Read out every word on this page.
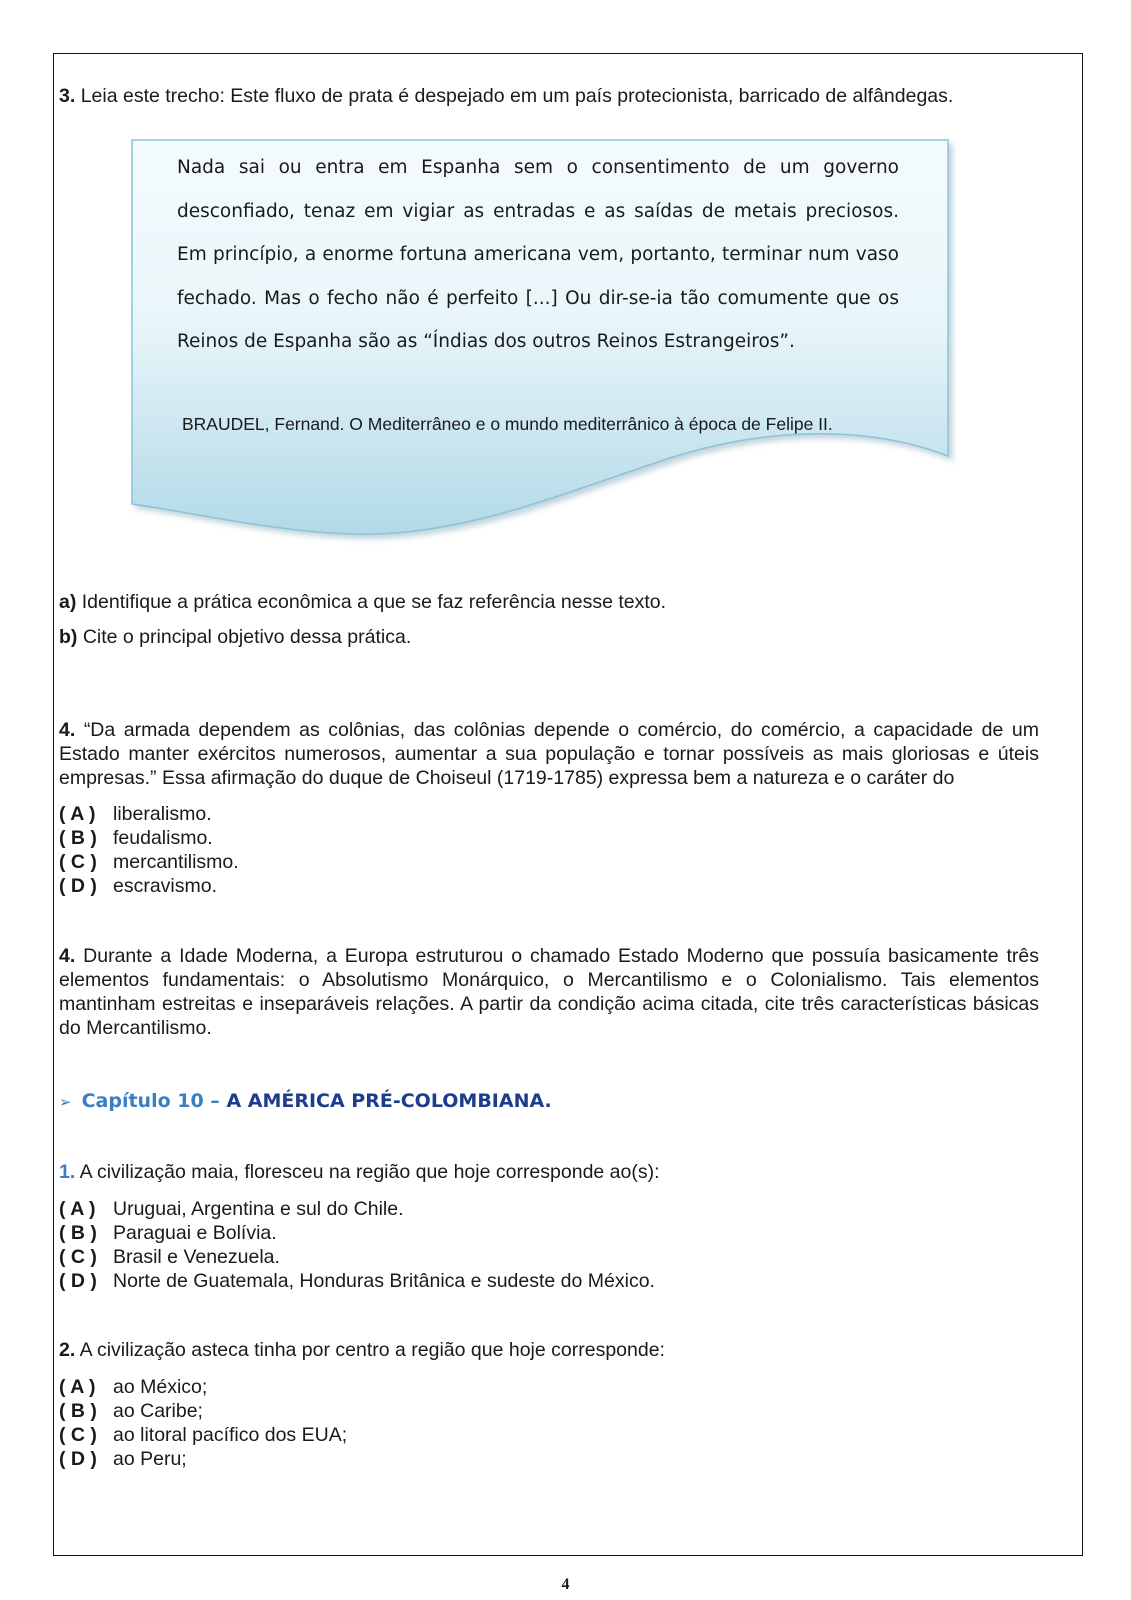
3. Leia este trecho: Este fluxo de prata é despejado em um país protecionista, barricado de alfândegas.
Nada sai ou entra em Espanha sem o consentimento de um governo desconfiado, tenaz em vigiar as entradas e as saídas de metais preciosos. Em princípio, a enorme fortuna americana vem, portanto, terminar num vaso fechado. Mas o fecho não é perfeito [...] Ou dir-se-ia tão comumente que os Reinos de Espanha são as “Índias dos outros Reinos Estrangeiros”.
BRAUDEL, Fernand. O Mediterrâneo e o mundo mediterrânico à época de Felipe II.
a) Identifique a prática econômica a que se faz referência nesse texto.
b) Cite o principal objetivo dessa prática.
4. “Da armada dependem as colônias, das colônias depende o comércio, do comércio, a capacidade de um Estado manter exércitos numerosos, aumentar a sua população e tornar possíveis as mais gloriosas e úteis empresas.” Essa afirmação do duque de Choiseul (1719-1785) expressa bem a natureza e o caráter do
( A ) liberalismo.
( B ) feudalismo.
( C ) mercantilismo.
( D ) escravismo.
4. Durante a Idade Moderna, a Europa estruturou o chamado Estado Moderno que possuía basicamente três elementos fundamentais: o Absolutismo Monárquico, o Mercantilismo e o Colonialismo. Tais elementos mantinham estreitas e inseparáveis relações. A partir da condição acima citada, cite três características básicas do Mercantilismo.
➢ Capítulo 10 – A AMÉRICA PRÉ-COLOMBIANA.
1. A civilização maia, floresceu na região que hoje corresponde ao(s):
( A ) Uruguai, Argentina e sul do Chile.
( B ) Paraguai e Bolívia.
( C ) Brasil e Venezuela.
( D ) Norte de Guatemala, Honduras Britânica e sudeste do México.
2. A civilização asteca tinha por centro a região que hoje corresponde:
( A ) ao México;
( B ) ao Caribe;
( C ) ao litoral pacífico dos EUA;
( D ) ao Peru;
4
